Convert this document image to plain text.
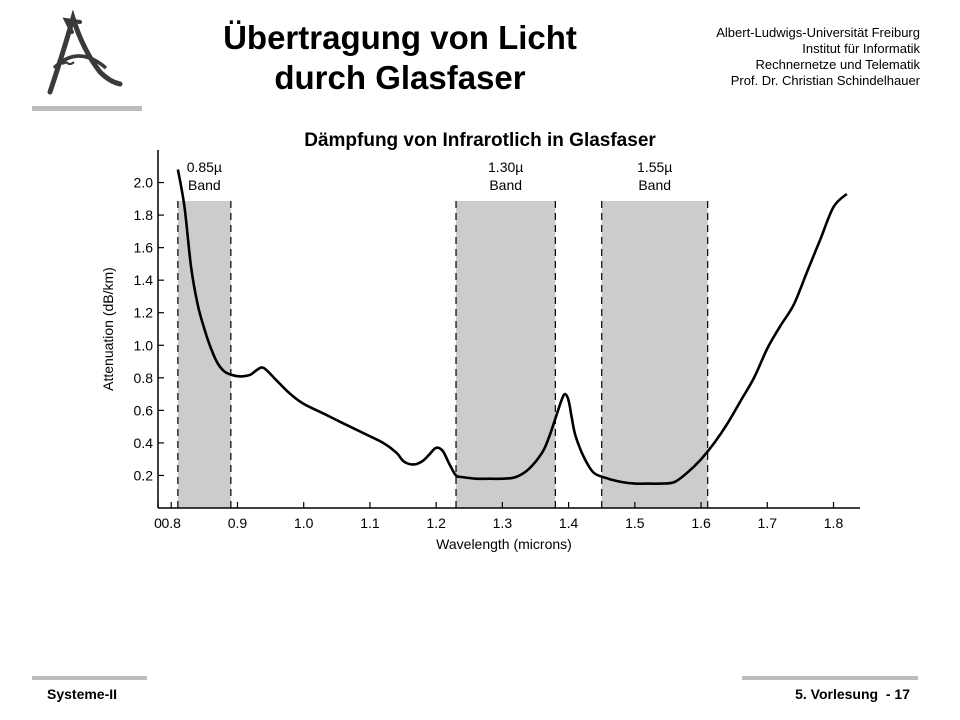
Übertragung von Licht
durch Glasfaser
Albert-Ludwigs-Universität Freiburg
Institut für Informatik
Rechnernetze und Telematik
Prof. Dr. Christian Schindelhauer
Dämpfung von Infrarotlich in Glasfaser
0.85µ
Band
1.30µ
Band
1.55µ
Band
0.2
0.4
0.6
0.8
1.0
1.2
1.4
1.6
1.8
2.0
0 0.8	0.9	1.0	1.1	1.2	1.3	1.4	1.5	1.6	1.7	1.8
Wavelength (microns)
Attenuation (dB/km)
Systeme-II	5. Vorlesung  - 17
